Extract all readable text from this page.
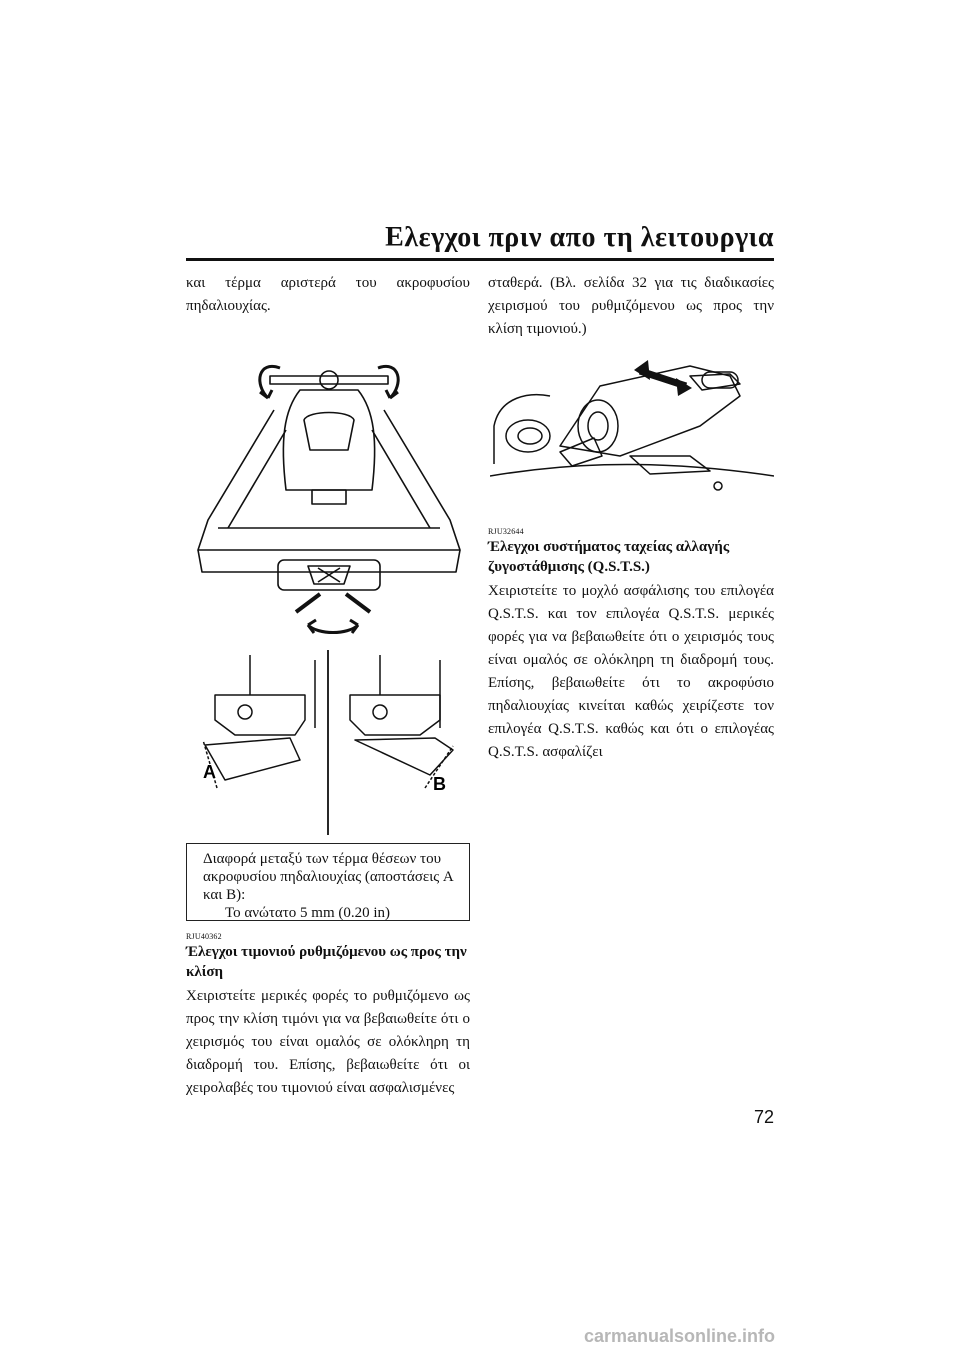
Ελεγχοι πριν απο τη λειτουργια

και τέρμα αριστερά του ακροφυσίου πηδαλιουχίας.

A
B
Διαφορά μεταξύ των τέρμα θέσεων του ακροφυσίου πηδαλιουχίας (αποστάσεις A και B):
Το ανώτατο 5 mm (0.20 in)
RJU40362
Έλεγχοι τιμονιού ρυθμιζόμενου ως προς την κλίση

Χειριστείτε μερικές φορές το ρυθμιζόμενο ως προς την κλίση τιμόνι για να βεβαιωθείτε ότι ο χειρισμός του είναι ομαλός σε ολόκληρη τη διαδρομή του. Επίσης, βεβαιωθείτε ότι οι χειρολαβές του τιμονιού είναι ασφαλισμένες

σταθερά. (Βλ. σελίδα 32 για τις διαδικασίες χειρισμού του ρυθμιζόμενου ως προς την κλίση τιμονιού.)

RJU32644
Έλεγχοι συστήματος ταχείας αλλαγής ζυγοστάθμισης (Q.S.T.S.)

Χειριστείτε το μοχλό ασφάλισης του επιλογέα Q.S.T.S. και τον επιλογέα Q.S.T.S. μερικές φορές για να βεβαιωθείτε ότι ο χειρισμός τους είναι ομαλός σε ολόκληρη τη διαδρομή τους. Επίσης, βεβαιωθείτε ότι το ακροφύσιο πηδαλιουχίας κινείται καθώς χειρίζεστε τον επιλογέα Q.S.T.S. καθώς και ότι ο επιλογέας Q.S.T.S. ασφαλίζει

72
carmanualsonline.info
